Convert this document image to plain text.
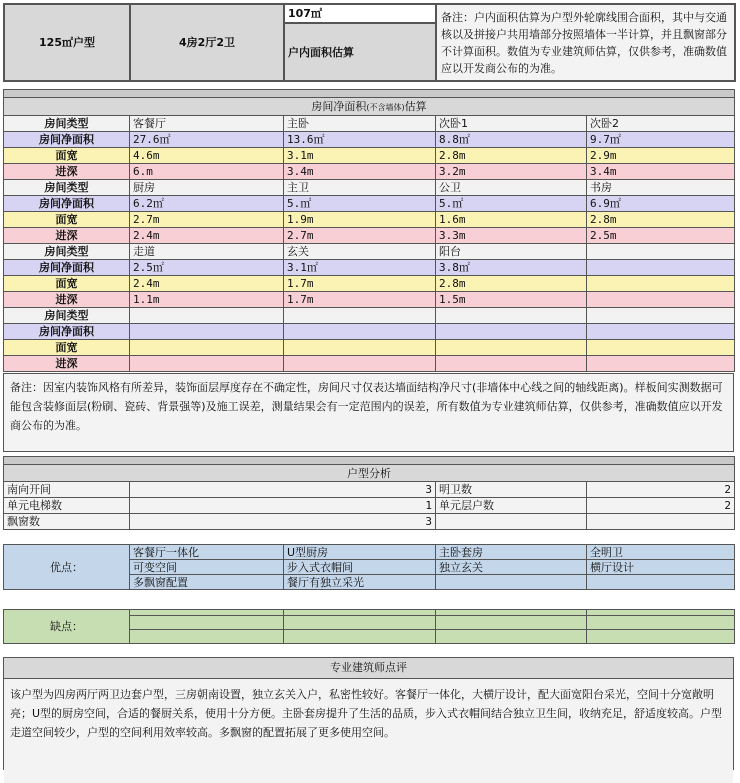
125㎡户型	4房2厅2卫	107㎡	备注：户内面积估算为户型外轮廓线围合面积，其中与交通核以及拼接户共用墙部分按照墙体一半计算，并且飘窗部分不计算面积。数值为专业建筑师估算，仅供参考，准确数值应以开发商公布的为准。
户内面积估算

房间净面积(不含墙体)估算				
房间类型	客餐厅	主卧	次卧1	次卧2
房间净面积	27.6㎡	13.6㎡	8.8㎡	9.7㎡
面宽	4.6m	3.1m	2.8m	2.9m
进深	6.m	3.4m	3.2m	3.4m
房间类型	厨房	主卫	公卫	书房
房间净面积	6.2㎡	5.㎡	5.㎡	6.9㎡
面宽	2.7m	1.9m	1.6m	2.8m
进深	2.4m	2.7m	3.3m	2.5m
房间类型	走道	玄关	阳台	
房间净面积	2.5㎡	3.1㎡	3.8㎡	
面宽	2.4m	1.7m	2.8m	
进深	1.1m	1.7m	1.5m	
房间类型				
房间净面积				
面宽				
进深				
备注：因室内装饰风格有所差异，装饰面层厚度存在不确定性，房间尺寸仅表达墙面结构净尺寸(非墙体中心线之间的轴线距离)。样板间实测数据可能包含装修面层(粉刷、瓷砖、背景强等)及施工误差，测量结果会有一定范围内的误差，所有数值为专业建筑师估算，仅供参考，准确数值应以开发商公布的为准。

户型分析			
南向开间	3	明卫数	2
单元电梯数	1	单元层户数	2
飘窗数	3		
优点：	客餐厅一体化	U型厨房	主卧套房	全明卫
	可变空间	步入式衣帽间	独立玄关	横厅设计
	多飘窗配置	餐厅有独立采光		
缺点：				

专业建筑师点评
该户型为四房两厅两卫边套户型，三房朝南设置，独立玄关入户，私密性较好。客餐厅一体化，大横厅设计，配大面宽阳台采光，空间十分宽敞明亮；U型的厨房空间，合适的餐厨关系，使用十分方便。主卧套房提升了生活的品质，步入式衣帽间结合独立卫生间，收纳充足，舒适度较高。户型走道空间较少，户型的空间利用效率较高。多飘窗的配置拓展了更多使用空间。
